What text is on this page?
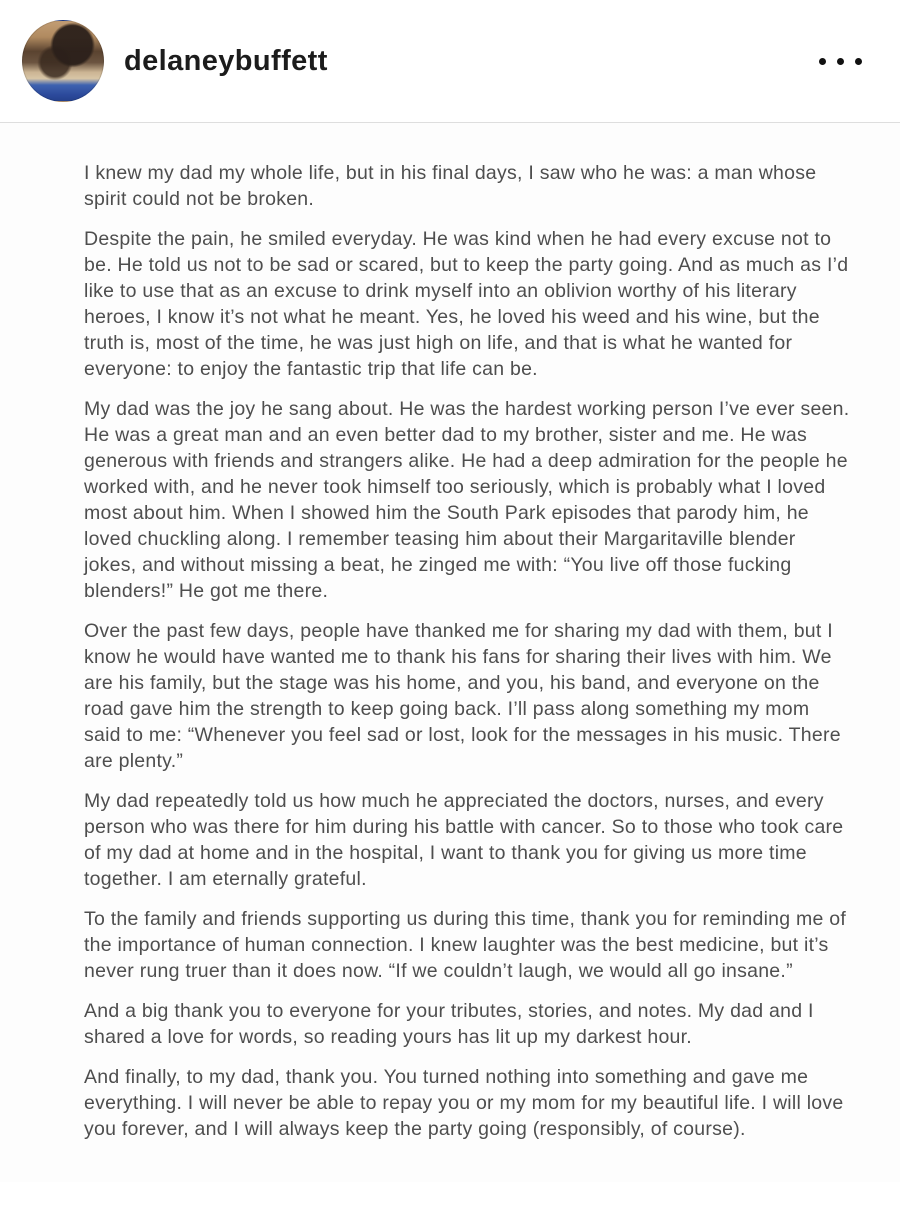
delaneybuffett

I knew my dad my whole life, but in his final days, I saw who he was: a man whose spirit could not be broken.

Despite the pain, he smiled everyday. He was kind when he had every excuse not to be. He told us not to be sad or scared, but to keep the party going. And as much as I’d like to use that as an excuse to drink myself into an oblivion worthy of his literary heroes, I know it’s not what he meant. Yes, he loved his weed and his wine, but the truth is, most of the time, he was just high on life, and that is what he wanted for everyone: to enjoy the fantastic trip that life can be.

My dad was the joy he sang about. He was the hardest working person I’ve ever seen. He was a great man and an even better dad to my brother, sister and me. He was generous with friends and strangers alike. He had a deep admiration for the people he worked with, and he never took himself too seriously, which is probably what I loved most about him. When I showed him the South Park episodes that parody him, he loved chuckling along. I remember teasing him about their Margaritaville blender jokes, and without missing a beat, he zinged me with: “You live off those fucking blenders!” He got me there.

Over the past few days, people have thanked me for sharing my dad with them, but I know he would have wanted me to thank his fans for sharing their lives with him. We are his family, but the stage was his home, and you, his band, and everyone on the road gave him the strength to keep going back. I’ll pass along something my mom said to me: “Whenever you feel sad or lost, look for the messages in his music. There are plenty.”

My dad repeatedly told us how much he appreciated the doctors, nurses, and every person who was there for him during his battle with cancer. So to those who took care of my dad at home and in the hospital, I want to thank you for giving us more time together. I am eternally grateful.

To the family and friends supporting us during this time, thank you for reminding me of the importance of human connection. I knew laughter was the best medicine, but it’s never rung truer than it does now. “If we couldn’t laugh, we would all go insane.”

And a big thank you to everyone for your tributes, stories, and notes. My dad and I shared a love for words, so reading yours has lit up my darkest hour.

And finally, to my dad, thank you. You turned nothing into something and gave me everything. I will never be able to repay you or my mom for my beautiful life. I will love you forever, and I will always keep the party going (responsibly, of course).
